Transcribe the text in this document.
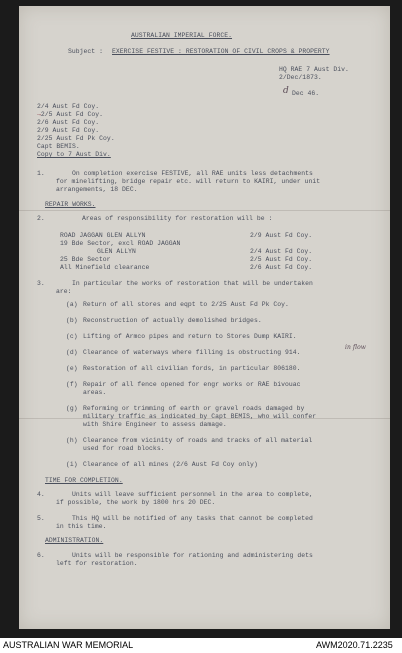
AUSTRALIAN IMPERIAL FORCE.
Subject : EXERCISE FESTIVE : RESTORATION OF CIVIL CROPS & PROPERTY
HQ RAE 7 Aust Div.
2/Dec/1873.
d Dec 46.
2/4 Aust Fd Coy.
→2/5 Aust Fd Coy.
2/6 Aust Fd Coy.
2/9 Aust Fd Coy.
2/25 Aust Fd Pk Coy.
Capt BEMIS.
Copy to 7 Aust Div.
1.	On completion exercise FESTIVE, all RAE units less detachments
for minelifting, bridge repair etc. will return to KAIRI, under unit
arrangements, 18 DEC.
REPAIR WORKS.
2.	Areas of responsibility for restoration will be :
ROAD JAGGAN GLEN ALLYN	2/9 Aust Fd Coy.
19 Bde Sector, excl ROAD JAGGAN
GLEN ALLYN	2/4 Aust Fd Coy.
25 Bde Sector	2/5 Aust Fd Coy.
All Minefield clearance	2/6 Aust Fd Coy.
3.	In particular the works of restoration that will be undertaken
are:
(a) Return of all stores and eqpt to 2/25 Aust Fd Pk Coy.
(b) Reconstruction of actually demolished bridges.
(c) Lifting of Armco pipes and return to Stores Dump KAIRI.
(d) Clearance of waterways where filling is obstructing 914.
in flow
(e) Restoration of all civilian fords, in particular 806180.
(f) Repair of all fence opened for engr works or RAE bivouac
areas.
(g) Reforming or trimming of earth or gravel roads damaged by
military traffic as indicated by Capt BEMIS, who will confer
with Shire Engineer to assess damage.
(h) Clearance from vicinity of roads and tracks of all material
used for road blocks.
(i) Clearance of all mines (2/6 Aust Fd Coy only)
TIME FOR COMPLETION.
4.	Units will leave sufficient personnel in the area to complete,
if possible, the work by 1800 hrs 20 DEC.
5.	This HQ will be notified of any tasks that cannot be completed
in this time.
ADMINISTRATION.
6.	Units will be responsible for rationing and administering dets
left for restoration.
AUSTRALIAN WAR MEMORIAL	AWM2020.71.2235
